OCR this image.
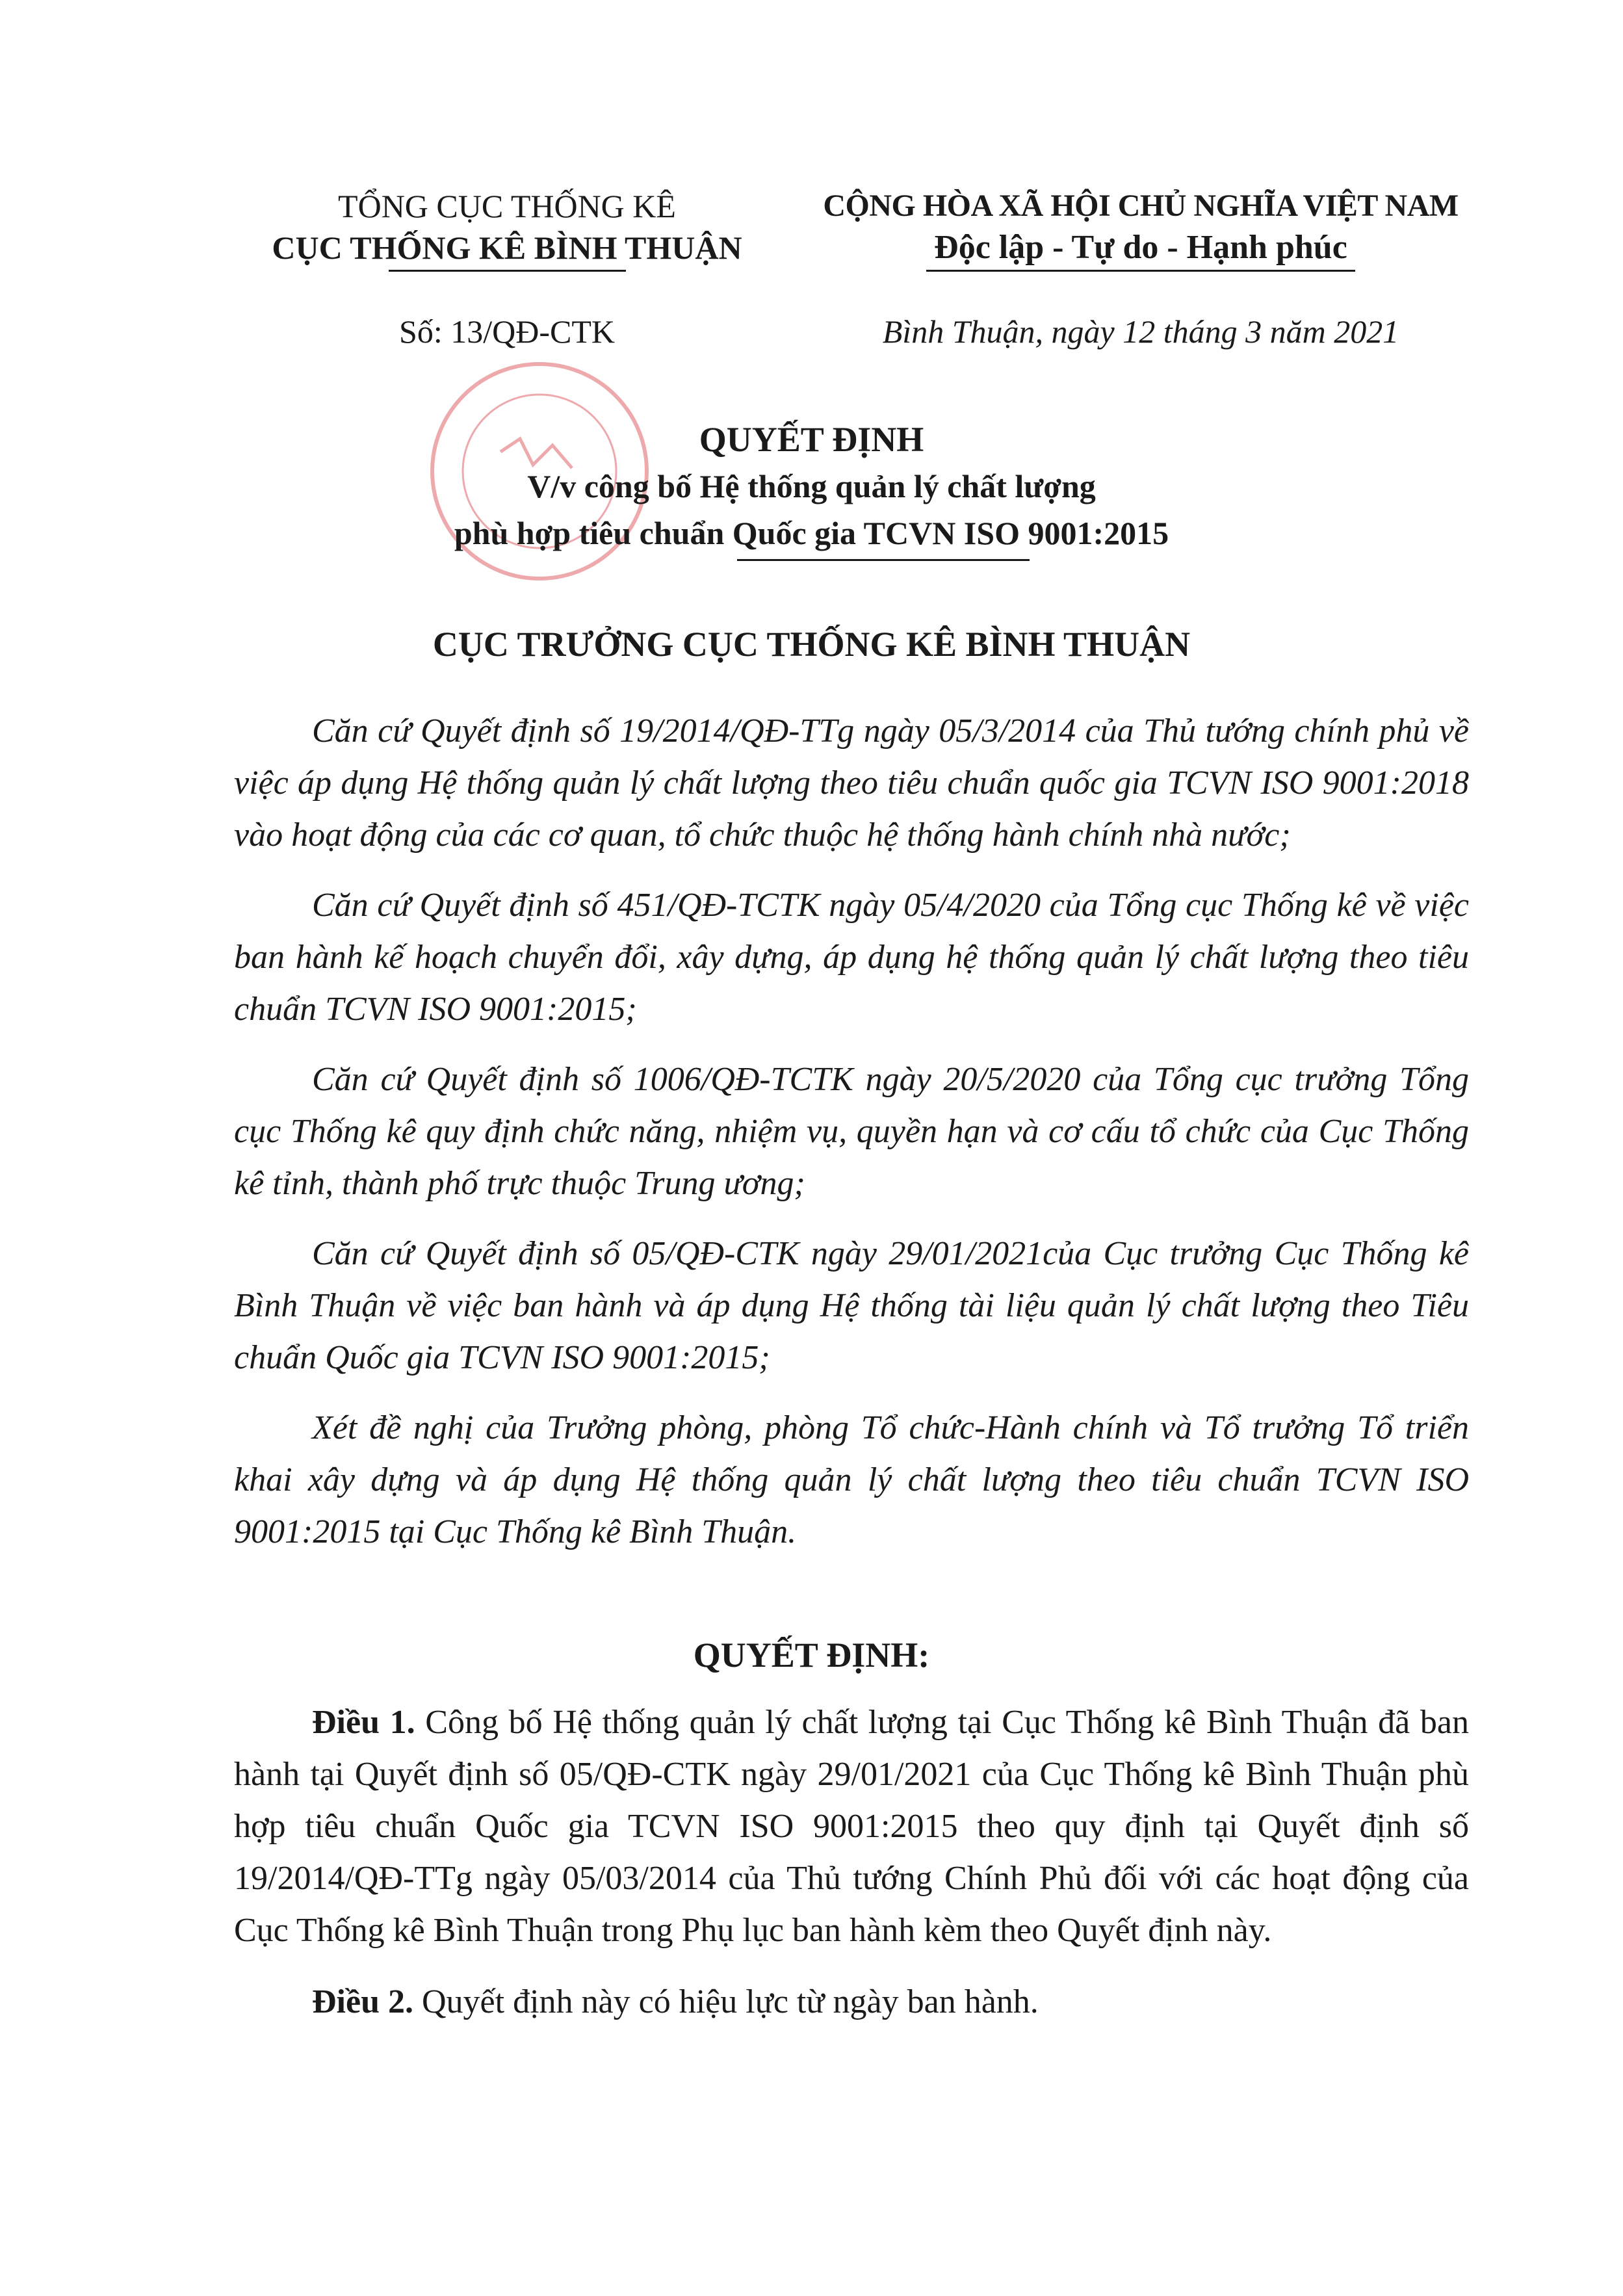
TỔNG CỤC THỐNG KÊ
CỤC THỐNG KÊ BÌNH THUẬN
Số: 13/QĐ-CTK
CỘNG HÒA XÃ HỘI CHỦ NGHĨA VIỆT NAM
Độc lập - Tự do - Hạnh phúc
Bình Thuận, ngày 12 tháng 3 năm 2021
QUYẾT ĐỊNH
V/v công bố Hệ thống quản lý chất lượng
phù hợp tiêu chuẩn Quốc gia TCVN ISO 9001:2015
CỤC TRƯỞNG CỤC THỐNG KÊ BÌNH THUẬN

Căn cứ Quyết định số 19/2014/QĐ-TTg ngày 05/3/2014 của Thủ tướng chính phủ về việc áp dụng Hệ thống quản lý chất lượng theo tiêu chuẩn quốc gia TCVN ISO 9001:2018 vào hoạt động của các cơ quan, tổ chức thuộc hệ thống hành chính nhà nước;

Căn cứ Quyết định số 451/QĐ-TCTK ngày 05/4/2020 của Tổng cục Thống kê về việc ban hành kế hoạch chuyển đổi, xây dựng, áp dụng hệ thống quản lý chất lượng theo tiêu chuẩn TCVN ISO 9001:2015;

Căn cứ Quyết định số 1006/QĐ-TCTK ngày 20/5/2020 của Tổng cục trưởng Tổng cục Thống kê quy định chức năng, nhiệm vụ, quyền hạn và cơ cấu tổ chức của Cục Thống kê tỉnh, thành phố trực thuộc Trung ương;

Căn cứ Quyết định số 05/QĐ-CTK ngày 29/01/2021của Cục trưởng Cục Thống kê Bình Thuận về việc ban hành và áp dụng Hệ thống tài liệu quản lý chất lượng theo Tiêu chuẩn Quốc gia TCVN ISO 9001:2015;

Xét đề nghị của Trưởng phòng, phòng Tổ chức-Hành chính và Tổ trưởng Tổ triển khai xây dựng và áp dụng Hệ thống quản lý chất lượng theo tiêu chuẩn TCVN ISO 9001:2015 tại Cục Thống kê Bình Thuận.

QUYẾT ĐỊNH:

Điều 1. Công bố Hệ thống quản lý chất lượng tại Cục Thống kê Bình Thuận đã ban hành tại Quyết định số 05/QĐ-CTK ngày 29/01/2021 của Cục Thống kê Bình Thuận phù hợp tiêu chuẩn Quốc gia TCVN ISO 9001:2015 theo quy định tại Quyết định số 19/2014/QĐ-TTg ngày 05/03/2014 của Thủ tướng Chính Phủ đối với các hoạt động của Cục Thống kê Bình Thuận trong Phụ lục ban hành kèm theo Quyết định này.

Điều 2. Quyết định này có hiệu lực từ ngày ban hành.
